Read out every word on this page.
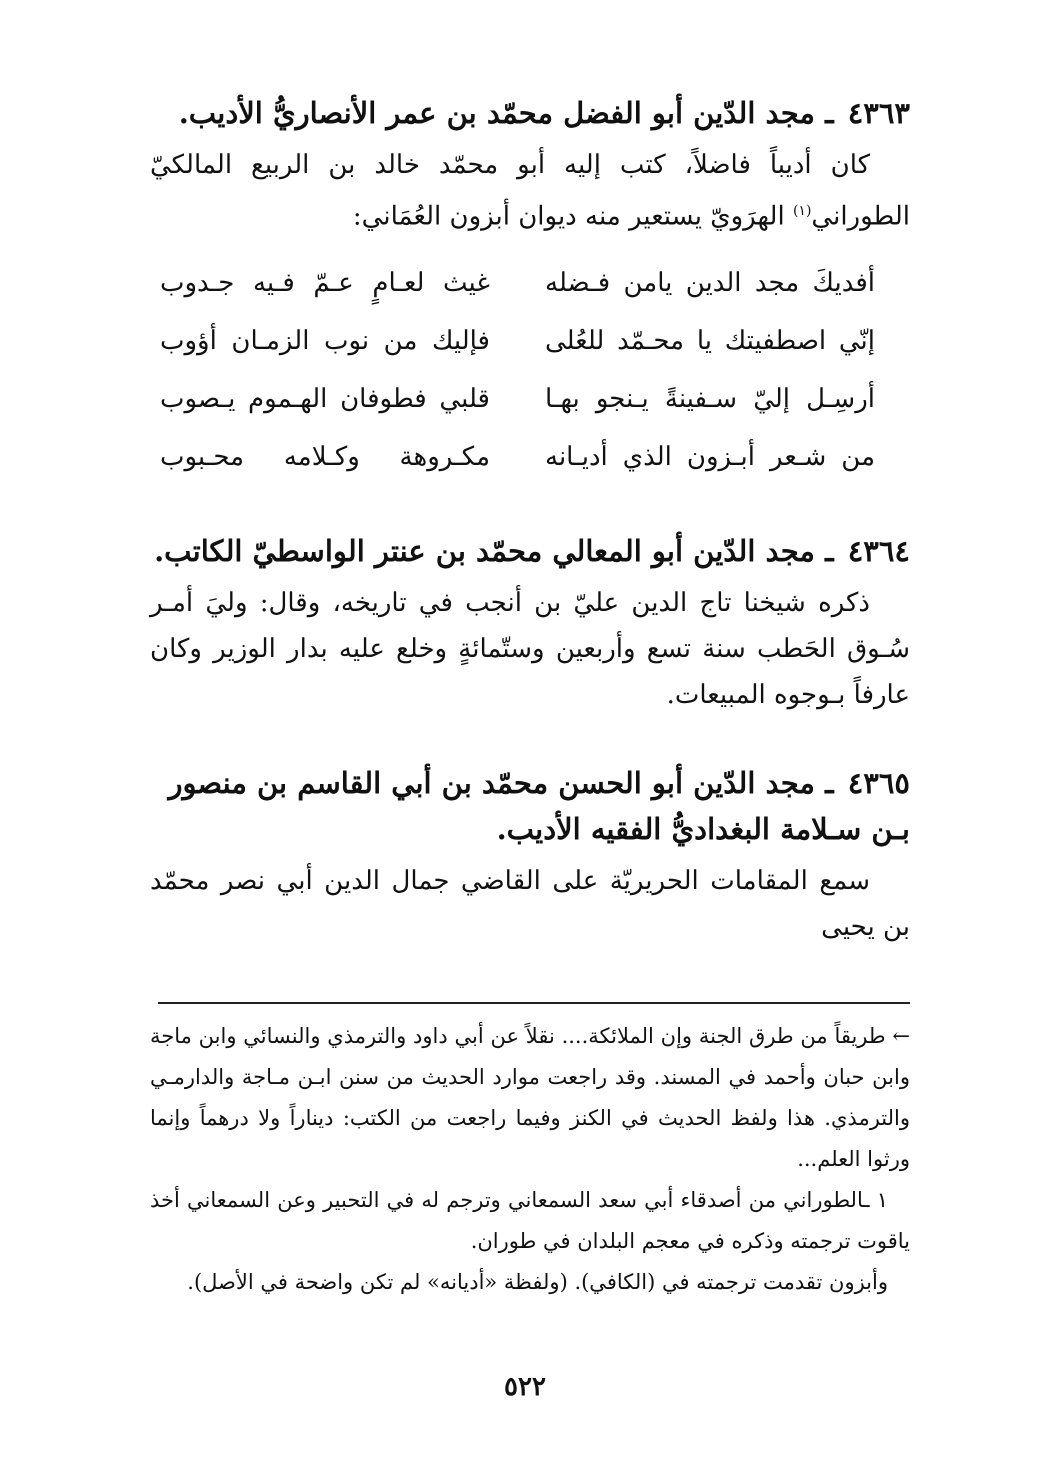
٤٣٦٣ ـ مجد الدّين أبو الفضل محمّد بن عمر الأنصاريُّ الأديب.

كان أديباً فاضلاً، كتب إليه أبو محمّد خالد بن الربيع المالكيّ الطوراني$^{(١)}$ الهرَويّ يستعير منه ديوان أبزون العُمَاني:

أفديكَ مجد الدين يامن فـضله
غيث لعـامٍ عـمّ فـيه جـدوب
إنّي اصطفيتك يا محـمّد للعُلى
فإليك من نوب الزمـان أؤوب
أرسِـل إليّ سـفينةً يـنجو بهـا
قلبي فطوفان الهـموم يـصوب
من شـعر أبـزون الذي أديـانه
مكـروهة وكـلامه محـبوب

٤٣٦٤ ـ مجد الدّين أبو المعالي محمّد بن عنتر الواسطيّ الكاتب.

ذكره شيخنا تاج الدين عليّ بن أنجب في تاريخه، وقال: وليَ أمـر سُـوق الحَطب سنة تسع وأربعين وستّمائةٍ وخلع عليه بدار الوزير وكان عارفاً بـوجوه المبيعات.

٤٣٦٥ ـ مجد الدّين أبو الحسن محمّد بن أبي القاسم بن منصور بـن سـلامة البغداديُّ الفقيه الأديب.

سمع المقامات الحريريّة على القاضي جمال الدين أبي نصر محمّد بن يحيى

← طريقاً من طرق الجنة وإن الملائكة.... نقلاً عن أبي داود والترمذي والنسائي وابن ماجة وابن حبان وأحمد في المسند. وقد راجعت موارد الحديث من سنن ابـن مـاجة والدارمـي والترمذي. هذا ولفظ الحديث في الكنز وفيما راجعت من الكتب: ديناراً ولا درهماً وإنما ورثوا العلم...

١ ـالطوراني من أصدقاء أبي سعد السمعاني وترجم له في التحبير وعن السمعاني أخذ ياقوت ترجمته وذكره في معجم البلدان في طوران.

وأبزون تقدمت ترجمته في (الكافي). (ولفظة «أديانه» لم تكن واضحة في الأصل).

٥٢٢
